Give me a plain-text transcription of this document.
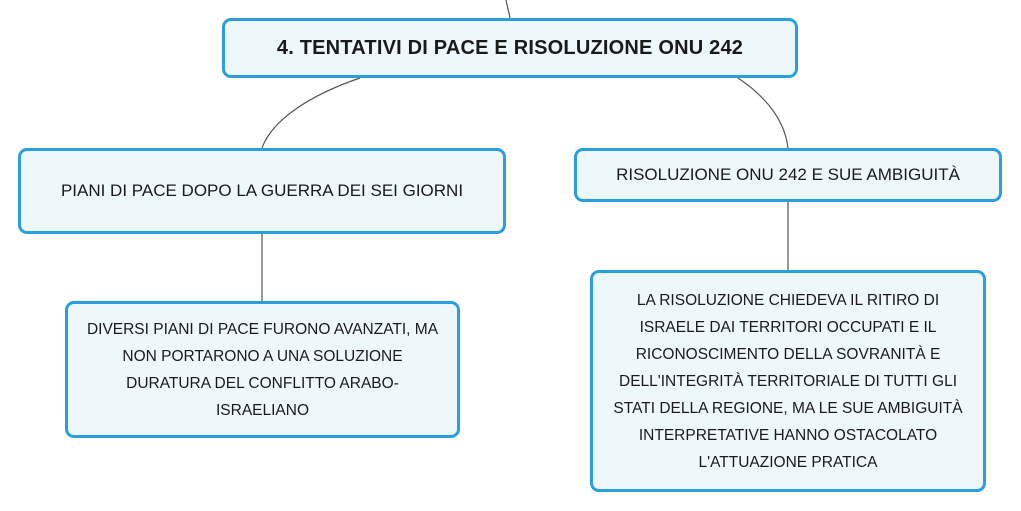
4. TENTATIVI DI PACE E RISOLUZIONE ONU 242
PIANI DI PACE DOPO LA GUERRA DEI SEI GIORNI
RISOLUZIONE ONU 242 E SUE AMBIGUITÀ
DIVERSI PIANI DI PACE FURONO AVANZATI, MA NON PORTARONO A UNA SOLUZIONE DURATURA DEL CONFLITTO ARABO-ISRAELIANO
LA RISOLUZIONE CHIEDEVA IL RITIRO DI ISRAELE DAI TERRITORI OCCUPATI E IL RICONOSCIMENTO DELLA SOVRANITÀ E DELL'INTEGRITÀ TERRITORIALE DI TUTTI GLI STATI DELLA REGIONE, MA LE SUE AMBIGUITÀ INTERPRETATIVE HANNO OSTACOLATO L'ATTUAZIONE PRATICA
